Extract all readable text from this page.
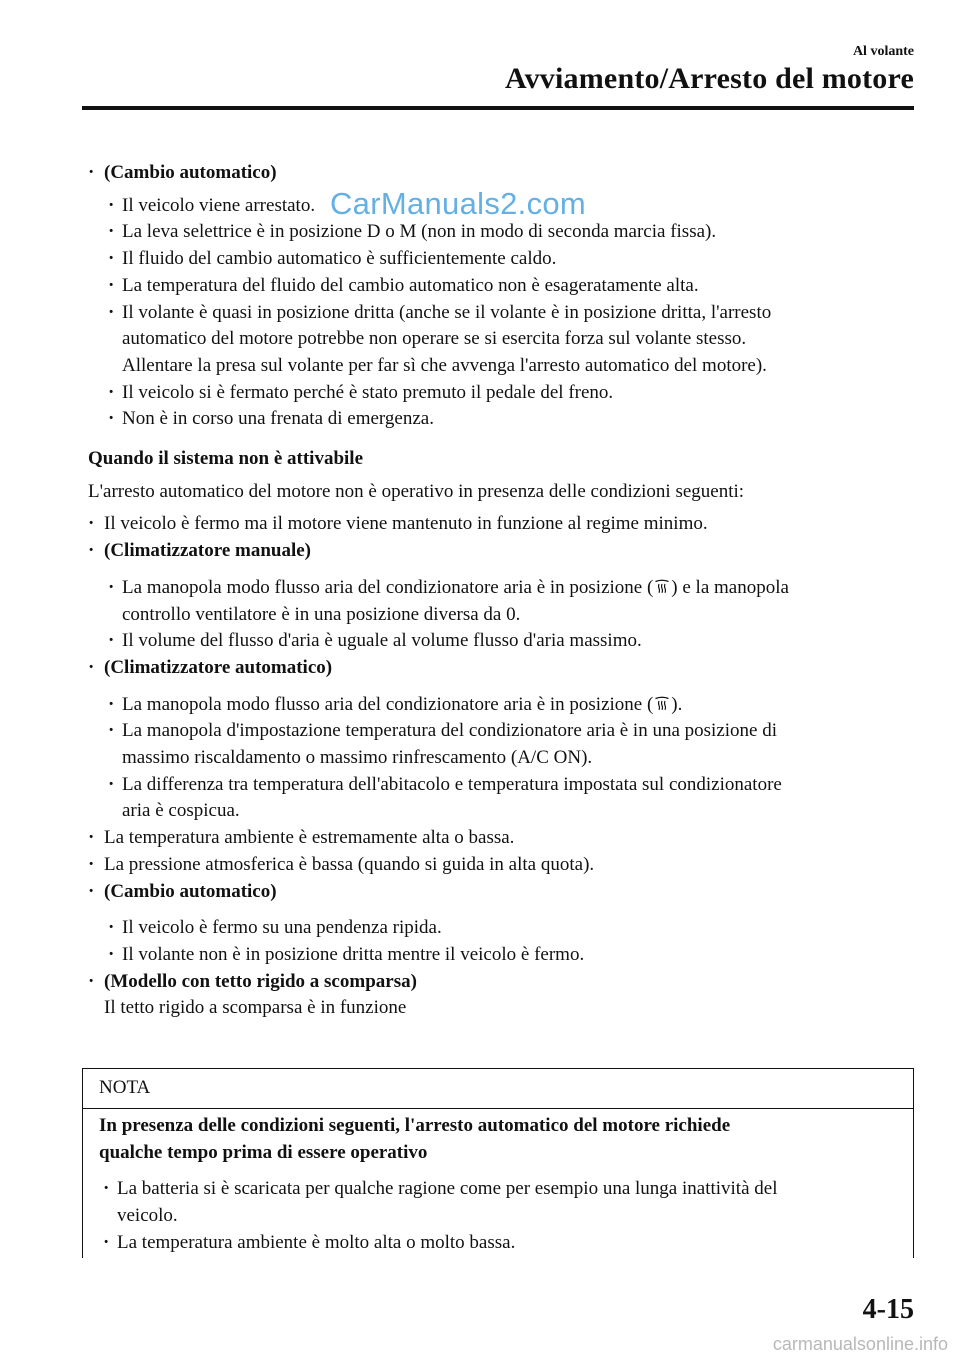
Al volante
Avviamento/Arresto del motore
CarManuals2.com
· (Cambio automatico)
· Il veicolo viene arrestato.
· La leva selettrice è in posizione D o M (non in modo di seconda marcia fissa).
· Il fluido del cambio automatico è sufficientemente caldo.
· La temperatura del fluido del cambio automatico non è esageratamente alta.
· Il volante è quasi in posizione dritta (anche se il volante è in posizione dritta, l'arresto
automatico del motore potrebbe non operare se si esercita forza sul volante stesso.
Allentare la presa sul volante per far sì che avvenga l'arresto automatico del motore).
· Il veicolo si è fermato perché è stato premuto il pedale del freno.
· Non è in corso una frenata di emergenza.
Quando il sistema non è attivabile
L'arresto automatico del motore non è operativo in presenza delle condizioni seguenti:
· Il veicolo è fermo ma il motore viene mantenuto in funzione al regime minimo.
· (Climatizzatore manuale)
· La manopola modo flusso aria del condizionatore aria è in posizione ( ) e la manopola
controllo ventilatore è in una posizione diversa da 0.
· Il volume del flusso d'aria è uguale al volume flusso d'aria massimo.
· (Climatizzatore automatico)
· La manopola modo flusso aria del condizionatore aria è in posizione ( ).
· La manopola d'impostazione temperatura del condizionatore aria è in una posizione di
massimo riscaldamento o massimo rinfrescamento (A/C ON).
· La differenza tra temperatura dell'abitacolo e temperatura impostata sul condizionatore
aria è cospicua.
· La temperatura ambiente è estremamente alta o bassa.
· La pressione atmosferica è bassa (quando si guida in alta quota).
· (Cambio automatico)
· Il veicolo è fermo su una pendenza ripida.
· Il volante non è in posizione dritta mentre il veicolo è fermo.
· (Modello con tetto rigido a scomparsa)
Il tetto rigido a scomparsa è in funzione
NOTA
In presenza delle condizioni seguenti, l'arresto automatico del motore richiede
qualche tempo prima di essere operativo
· La batteria si è scaricata per qualche ragione come per esempio una lunga inattività del
veicolo.
· La temperatura ambiente è molto alta o molto bassa.
4-15
carmanualsonline.info
